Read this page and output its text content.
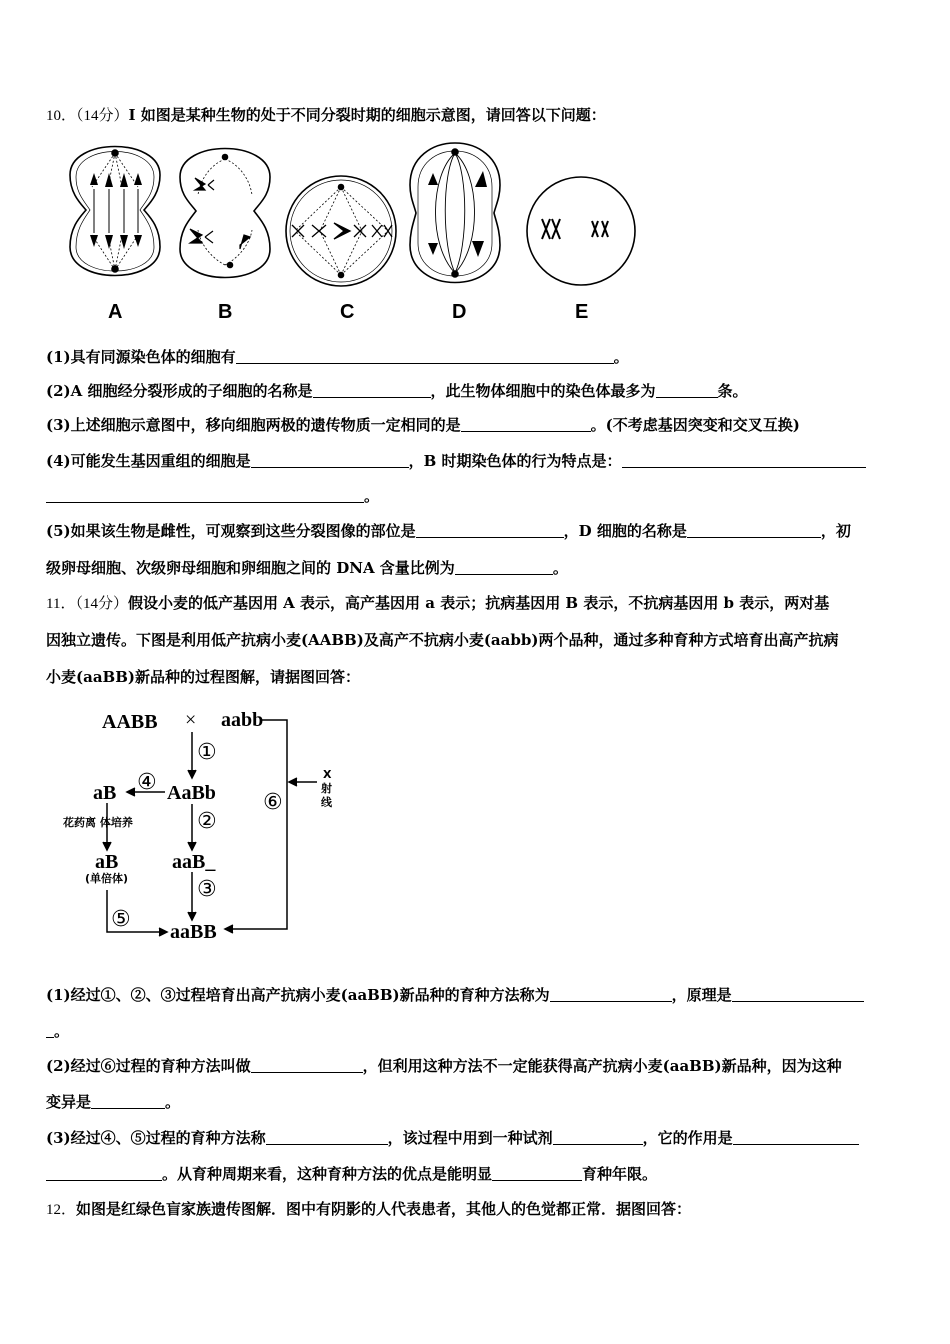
10．（14分）I 如图是某种生物的处于不同分裂时期的细胞示意图，请回答以下问题：
A	B	C	D	E
(1)具有同源染色体的细胞有	。
(2)A 细胞经分裂形成的子细胞的名称是	，此生物体细胞中的染色体最多为	条。
(3)上述细胞示意图中，移向细胞两极的遗传物质一定相同的是	。(不考虑基因突变和交叉互换)
(4)可能发生基因重组的细胞是	，B 时期染色体的行为特点是：
。
(5)如果该生物是雌性，可观察到这些分裂图像的部位是	，D 细胞的名称是	，初
级卵母细胞、次级卵母细胞和卵细胞之间的 DNA 含量比例为	。
11．（14分）假设小麦的低产基因用 A 表示，高产基因用 a 表示；抗病基因用 B 表示，不抗病基因用 b 表示，两对基
因独立遗传。下图是利用低产抗病小麦(AABB)及高产不抗病小麦(aabb)两个品种，通过多种育种方式培育出高产抗病
小麦(aaBB)新品种的过程图解，请据图回答：
AABB × aabb
AaBb
aB
aaB_
aaBB
aB
(单倍体)
花药离 体培养
X
射
线
①
②
③
④
⑤
⑥
(1)经过①、②、③过程培育出高产抗病小麦(aaBB)新品种的育种方法称为	，原理是
。
(2)经过⑥过程的育种方法叫做	，但利用这种方法不一定能获得高产抗病小麦(aaBB)新品种，因为这种
变异是	。
(3)经过④、⑤过程的育种方法称	，该过程中用到一种试剂	，它的作用是
。从育种周期来看，这种育种方法的优点是能明显	育种年限。
12．如图是红绿色盲家族遗传图解．图中有阴影的人代表患者，其他人的色觉都正常．据图回答：
